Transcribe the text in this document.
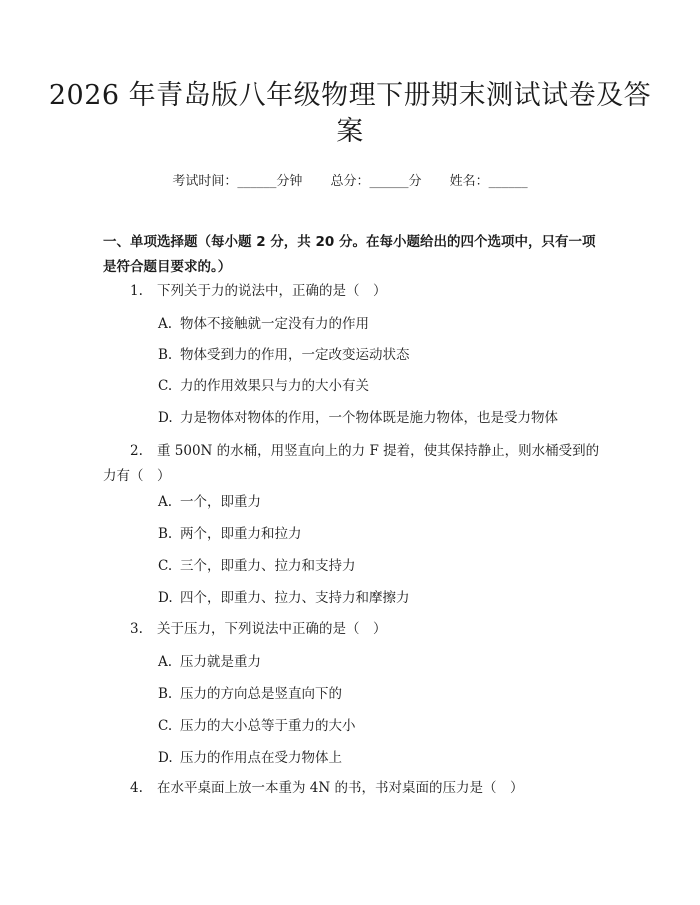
2026 年青岛版八年级物理下册期末测试试卷及答案
考试时间：______分钟 总分：______分 姓名：______
一、单项选择题（每小题 2 分，共 20 分。在每小题给出的四个选项中，只有一项是符合题目要求的。）
1. 下列关于力的说法中，正确的是（　）
A. 物体不接触就一定没有力的作用
B. 物体受到力的作用，一定改变运动状态
C. 力的作用效果只与力的大小有关
D. 力是物体对物体的作用，一个物体既是施力物体，也是受力物体
2. 重 500N 的水桶，用竖直向上的力 F 提着，使其保持静止，则水桶受到的力有（　）
A. 一个，即重力
B. 两个，即重力和拉力
C. 三个，即重力、拉力和支持力
D. 四个，即重力、拉力、支持力和摩擦力
3. 关于压力，下列说法中正确的是（　）
A. 压力就是重力
B. 压力的方向总是竖直向下的
C. 压力的大小总等于重力的大小
D. 压力的作用点在受力物体上
4. 在水平桌面上放一本重为 4N 的书，书对桌面的压力是（　）
